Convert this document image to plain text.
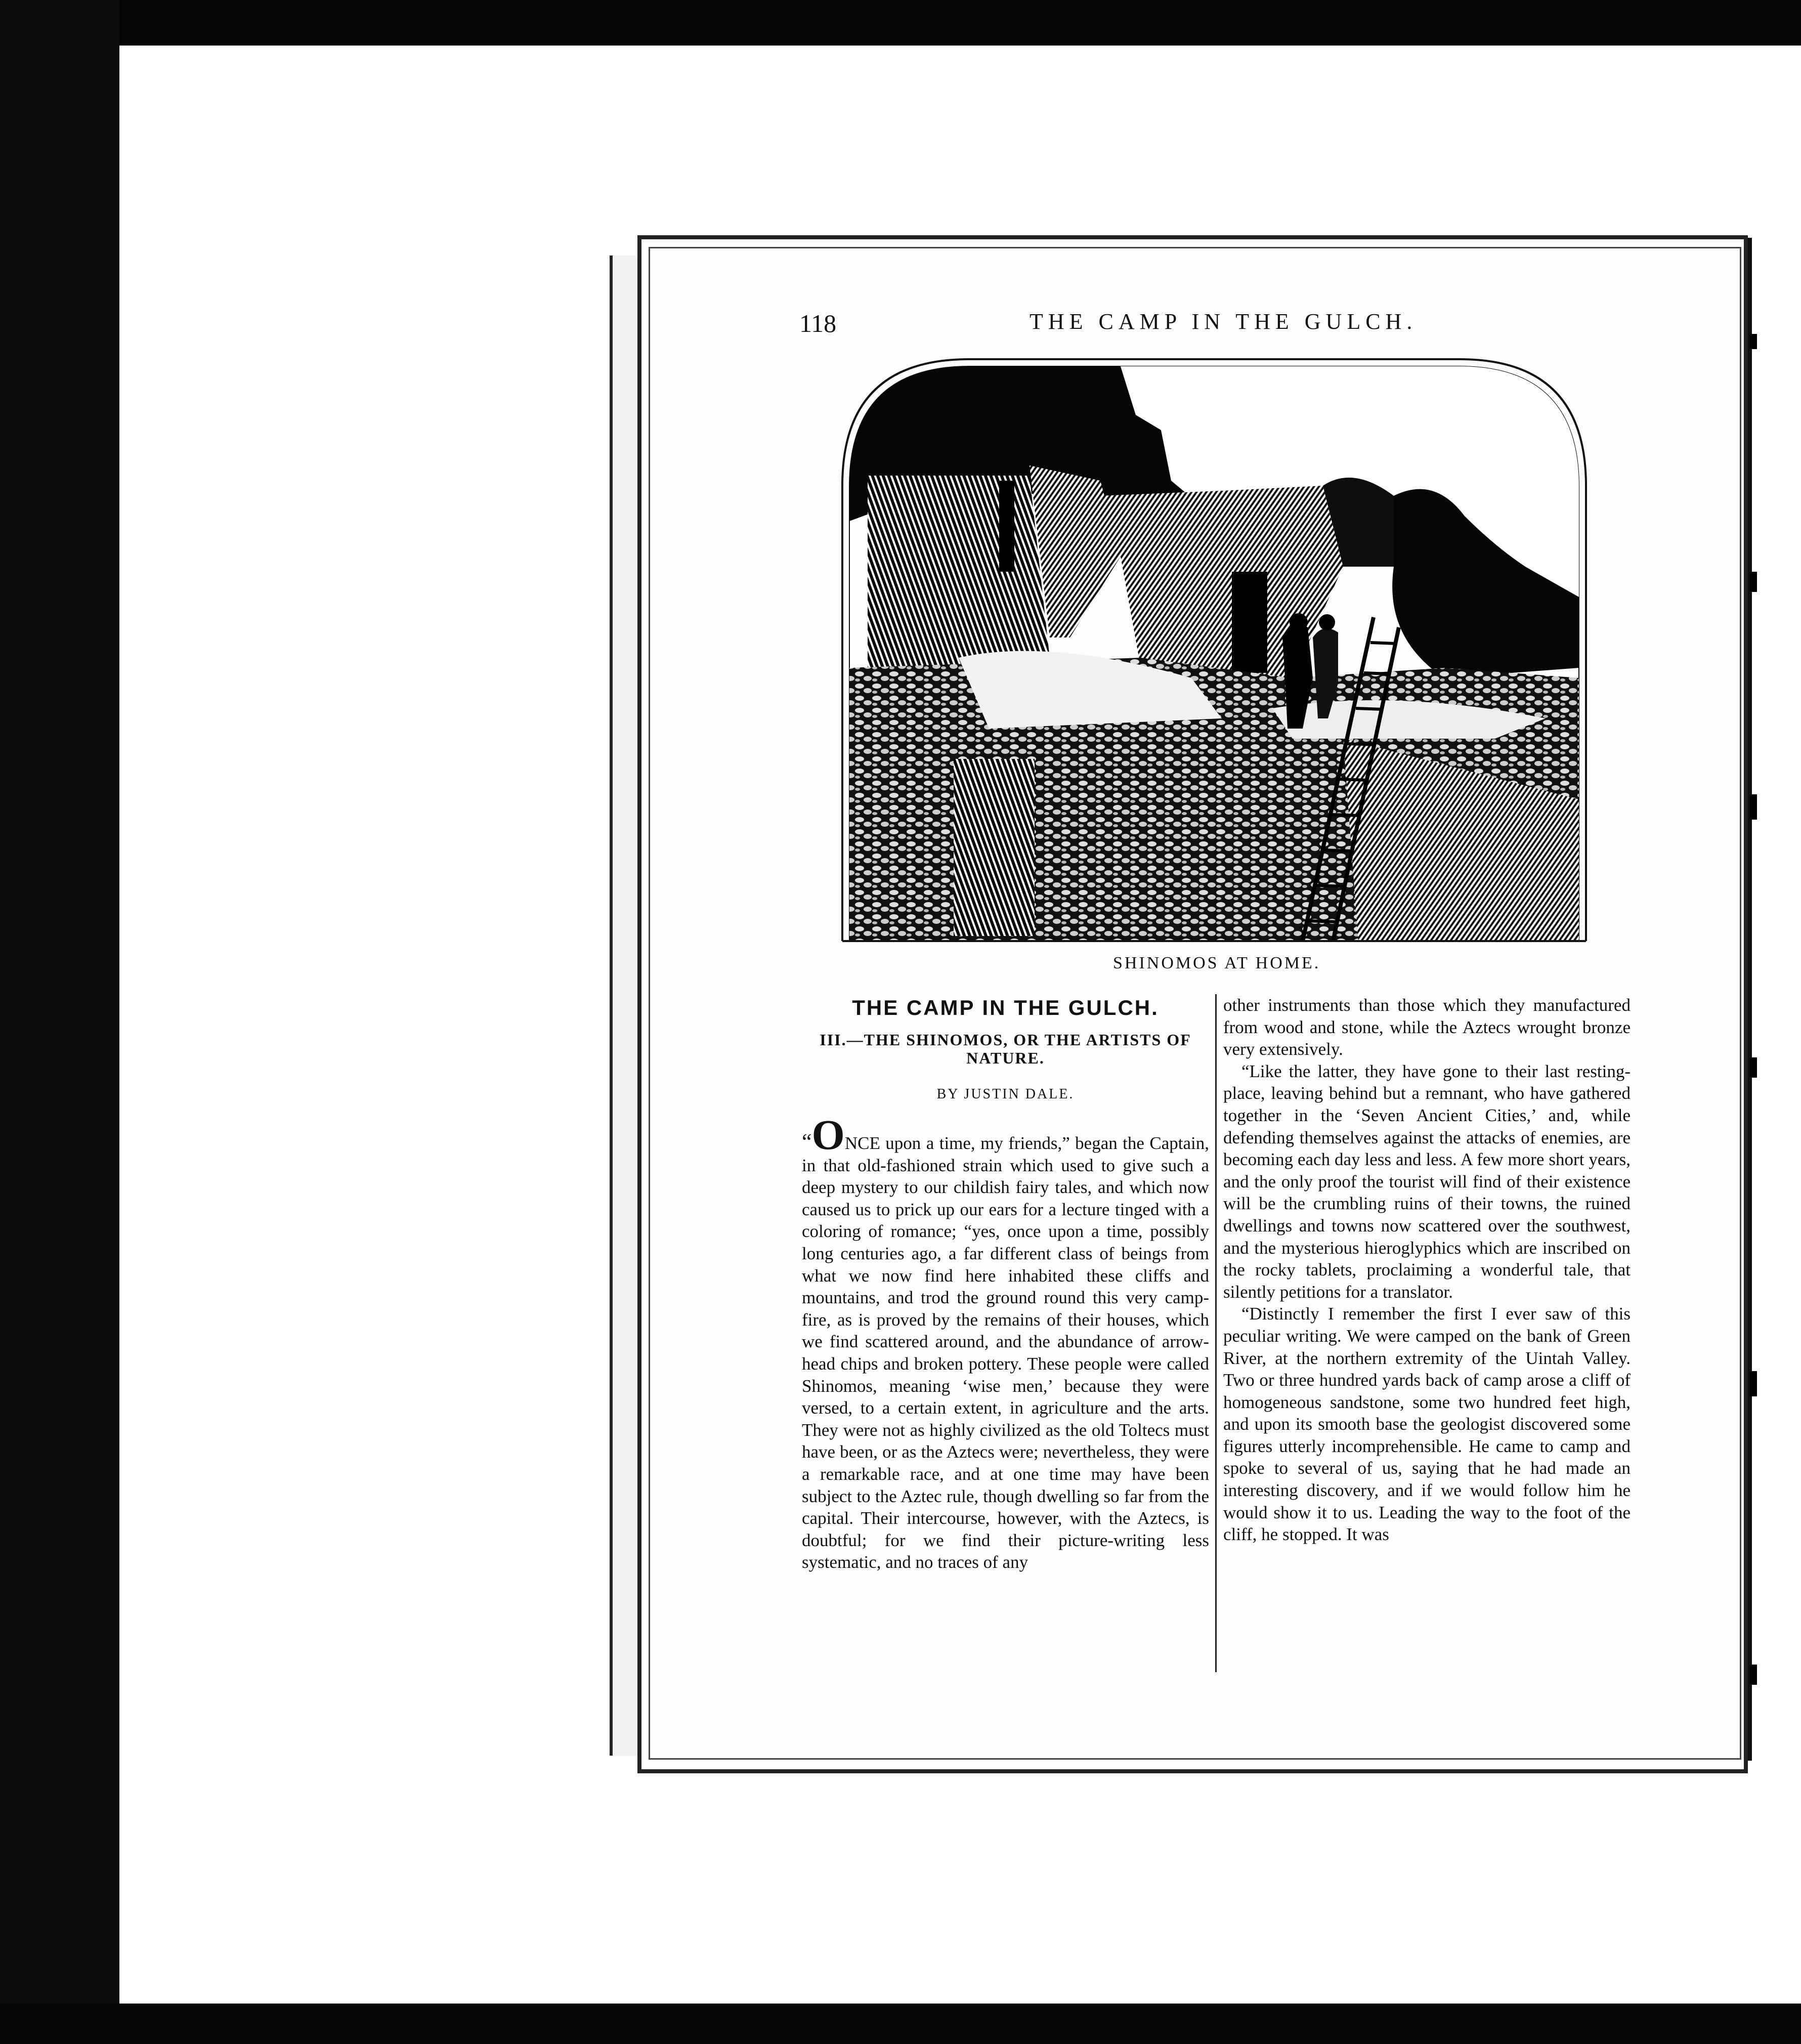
118	THE CAMP IN THE GULCH.
SHINOMOS AT HOME.
THE CAMP IN THE GULCH.
III.—THE SHINOMOS, OR THE ARTISTS OF NATURE.
BY JUSTIN DALE.

“ONCE upon a time, my friends,” began the Captain, in that old-fashioned strain which used to give such a deep mystery to our childish fairy tales, and which now caused us to prick up our ears for a lecture tinged with a coloring of romance; “yes, once upon a time, possibly long centuries ago, a far different class of beings from what we now find here inhabited these cliffs and mountains, and trod the ground round this very camp-fire, as is proved by the remains of their houses, which we find scattered around, and the abundance of arrow-head chips and broken pottery. These people were called Shinomos, meaning ‘wise men,’ because they were versed, to a certain extent, in agriculture and the arts. They were not as highly civilized as the old Toltecs must have been, or as the Aztecs were; nevertheless, they were a remarkable race, and at one time may have been subject to the Aztec rule, though dwelling so far from the capital. Their intercourse, however, with the Aztecs, is doubtful; for we find their picture-writing less systematic, and no traces of any

other instruments than those which they manufactured from wood and stone, while the Aztecs wrought bronze very extensively.

“Like the latter, they have gone to their last resting-place, leaving behind but a remnant, who have gathered together in the ‘Seven Ancient Cities,’ and, while defending themselves against the attacks of enemies, are becoming each day less and less. A few more short years, and the only proof the tourist will find of their existence will be the crumbling ruins of their towns, the ruined dwellings and towns now scattered over the southwest, and the mysterious hieroglyphics which are inscribed on the rocky tablets, proclaiming a wonderful tale, that silently petitions for a translator.

“Distinctly I remember the first I ever saw of this peculiar writing. We were camped on the bank of Green River, at the northern extremity of the Uintah Valley. Two or three hundred yards back of camp arose a cliff of homogeneous sandstone, some two hundred feet high, and upon its smooth base the geologist discovered some figures utterly incomprehensible. He came to camp and spoke to several of us, saying that he had made an interesting discovery, and if we would follow him he would show it to us. Leading the way to the foot of the cliff, he stopped. It was
